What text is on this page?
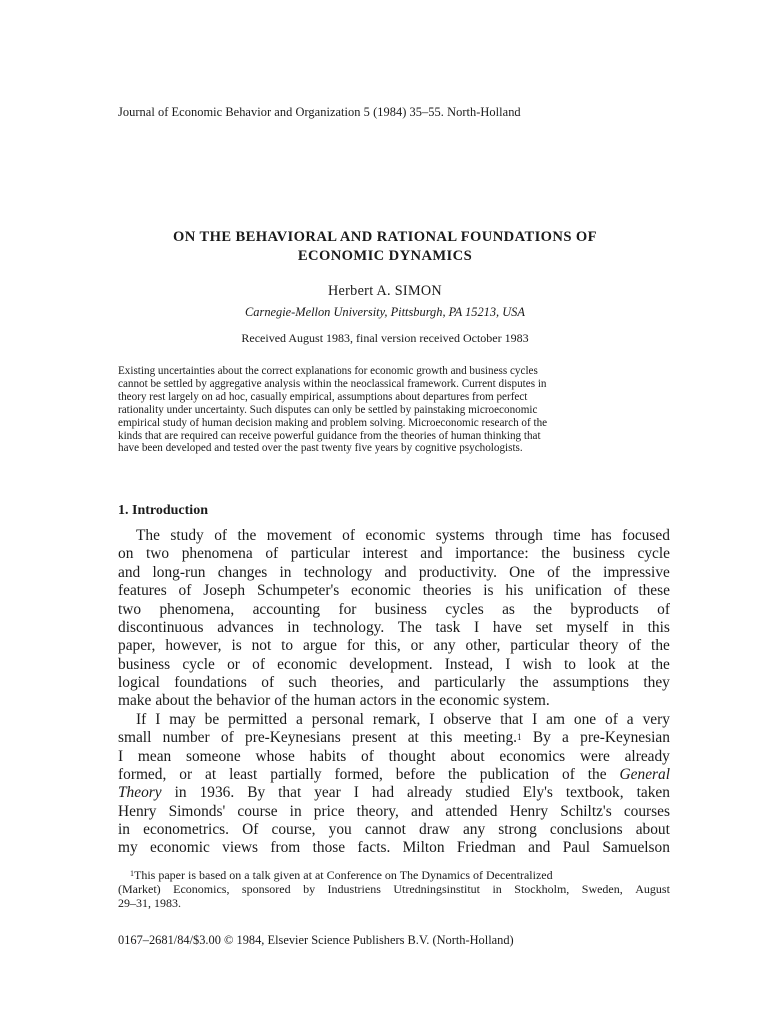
Journal of Economic Behavior and Organization 5 (1984) 35–55. North-Holland
ON THE BEHAVIORAL AND RATIONAL FOUNDATIONS OF
ECONOMIC DYNAMICS
Herbert A. SIMON
Carnegie-Mellon University, Pittsburgh, PA 15213, USA
Received August 1983, final version received October 1983
Existing uncertainties about the correct explanations for economic growth and business cycles
cannot be settled by aggregative analysis within the neoclassical framework. Current disputes in
theory rest largely on ad hoc, casually empirical, assumptions about departures from perfect
rationality under uncertainty. Such disputes can only be settled by painstaking microeconomic
empirical study of human decision making and problem solving. Microeconomic research of the
kinds that are required can receive powerful guidance from the theories of human thinking that
have been developed and tested over the past twenty five years by cognitive psychologists.
1. Introduction
The study of the movement of economic systems through time has focused
on two phenomena of particular interest and importance: the business cycle
and long-run changes in technology and productivity. One of the impressive
features of Joseph Schumpeter's economic theories is his unification of these
two phenomena, accounting for business cycles as the byproducts of
discontinuous advances in technology. The task I have set myself in this
paper, however, is not to argue for this, or any other, particular theory of the
business cycle or of economic development. Instead, I wish to look at the
logical foundations of such theories, and particularly the assumptions they
make about the behavior of the human actors in the economic system.
If I may be permitted a personal remark, I observe that I am one of a very
small number of pre-Keynesians present at this meeting.$^1$ By a pre-Keynesian
I mean someone whose habits of thought about economics were already
formed, or at least partially formed, before the publication of the General
Theory in 1936. By that year I had already studied Ely's textbook, taken
Henry Simonds' course in price theory, and attended Henry Schiltz's courses
in econometrics. Of course, you cannot draw any strong conclusions about
my economic views from those facts. Milton Friedman and Paul Samuelson
$^1$This paper is based on a talk given at at Conference on The Dynamics of Decentralized
(Market) Economics, sponsored by Industriens Utredningsinstitut in Stockholm, Sweden, August
29–31, 1983.
0167–2681/84/$3.00 © 1984, Elsevier Science Publishers B.V. (North-Holland)
